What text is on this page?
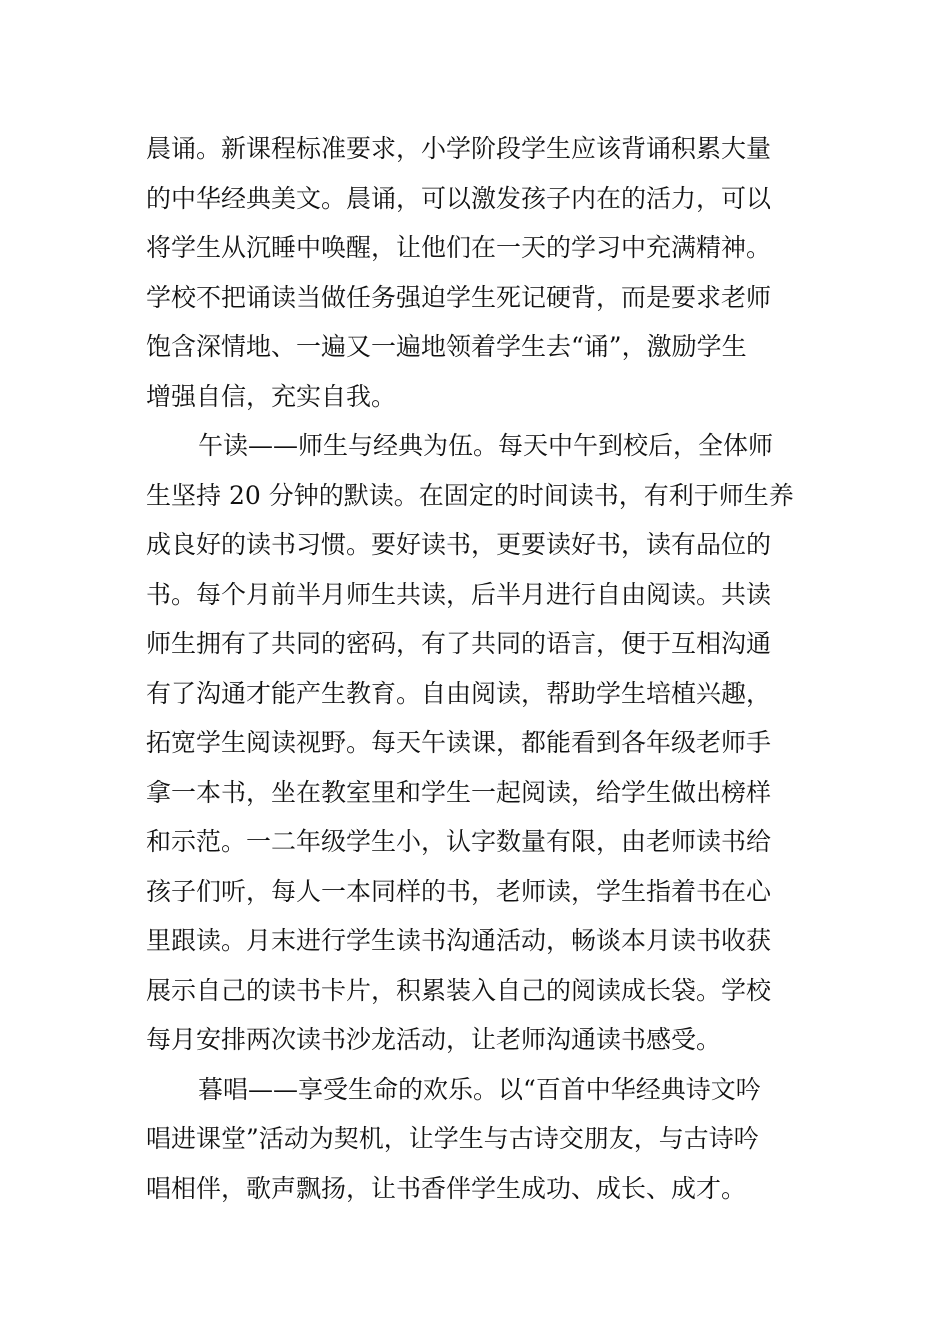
晨诵。新课程标准要求，小学阶段学生应该背诵积累大量
的中华经典美文。晨诵，可以激发孩子内在的活力，可以
将学生从沉睡中唤醒，让他们在一天的学习中充满精神。
学校不把诵读当做任务强迫学生死记硬背，而是要求老师
饱含深情地、一遍又一遍地领着学生去“诵”，激励学生
增强自信，充实自我。
午读——师生与经典为伍。每天中午到校后，全体师
生坚持 20 分钟的默读。在固定的时间读书，有利于师生养
成良好的读书习惯。要好读书，更要读好书，读有品位的
书。每个月前半月师生共读，后半月进行自由阅读。共读
师生拥有了共同的密码，有了共同的语言，便于互相沟通
有了沟通才能产生教育。自由阅读，帮助学生培植兴趣，
拓宽学生阅读视野。每天午读课，都能看到各年级老师手
拿一本书，坐在教室里和学生一起阅读，给学生做出榜样
和示范。一二年级学生小，认字数量有限，由老师读书给
孩子们听，每人一本同样的书，老师读，学生指着书在心
里跟读。月末进行学生读书沟通活动，畅谈本月读书收获
展示自己的读书卡片，积累装入自己的阅读成长袋。学校
每月安排两次读书沙龙活动，让老师沟通读书感受。
暮唱——享受生命的欢乐。以“百首中华经典诗文吟
唱进课堂”活动为契机，让学生与古诗交朋友，与古诗吟
唱相伴，歌声飘扬，让书香伴学生成功、成长、成才。
